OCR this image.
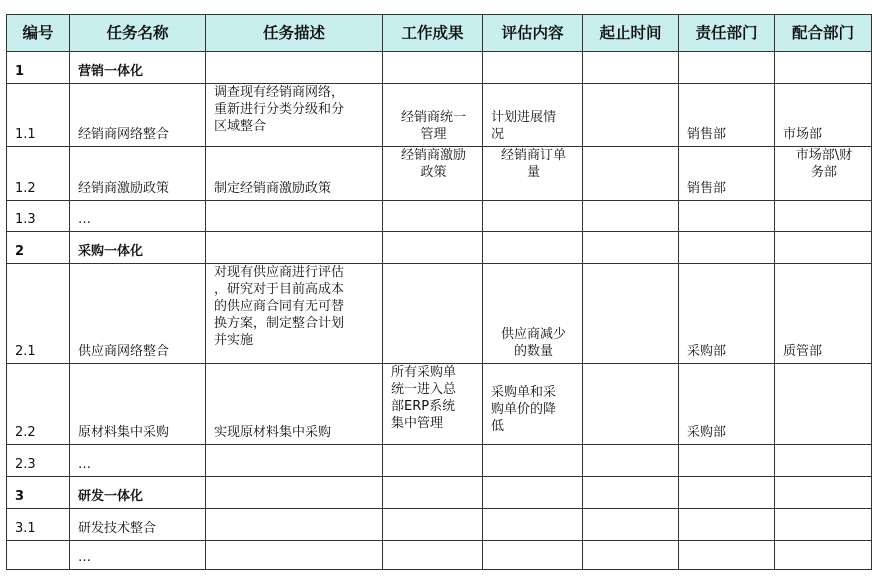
编号	任务名称	任务描述	工作成果	评估内容	起止时间	责任部门	配合部门
1	营销一体化						
1.1	经销商网络整合	调查现有经销商网络，
重新进行分类分级和分
区域整合	经销商统一
管理	计划进展情
况		销售部	市场部
1.2	经销商激励政策	制定经销商激励政策	经销商激励
政策	经销商订单
量		销售部	市场部\财
务部
1.3	…						
2	采购一体化						
2.1	供应商网络整合	对现有供应商进行评估
，研究对于目前高成本
的供应商合同有无可替
换方案，制定整合计划
并实施		供应商减少
的数量		采购部	质管部
2.2	原材料集中采购	实现原材料集中采购	所有采购单
统一进入总
部ERP系统
集中管理	采购单和采
购单价的降
低		采购部	
2.3	…						
3	研发一体化						
3.1	研发技术整合						
	…						
